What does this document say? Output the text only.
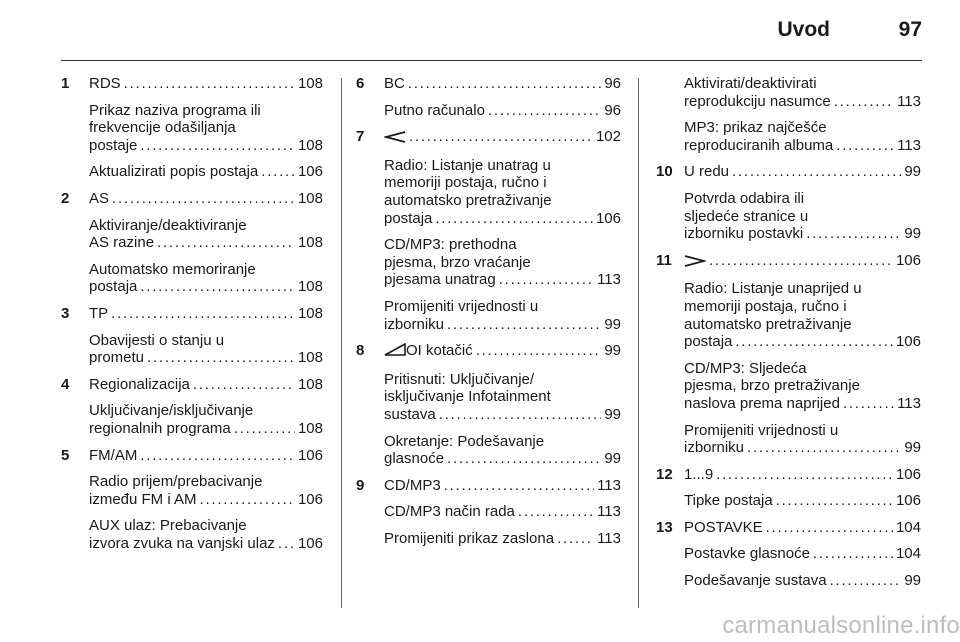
Uvod	97
1 RDS . . .	108
Prikaz naziva programa ili
frekvencije odašiljanja
postaje . . .	108
Aktualizirati popis postaja . . .	106
2 AS . . .	108
Aktiviranje/deaktiviranje
AS razine . . .	108
Automatsko memoriranje
postaja . . .	108
3 TP . . .	108
Obavijesti o stanju u
prometu . . .	108
4 Regionalizacija . . .	108
Uključivanje/isključivanje
regionalnih programa . . .	108
5 FM/AM . . .	106
Radio prijem/prebacivanje
između FM i AM . . .	106
AUX ulaz: Prebacivanje
izvora zvuka na vanjski ulaz . . . 106
6 BC . . .	96
Putno računalo . . .	96
7 . . .	102
Radio: Listanje unatrag u
memoriji postaja, ručno i
automatsko pretraživanje
postaja . . .	106
CD/MP3: prethodna
pjesma, brzo vraćanje
pjesama unatrag . . .	113
Promijeniti vrijednosti u
izborniku . . .	99
8	OI kotačić . . .	99
Pritisnuti: Uključivanje/
isključivanje Infotainment
sustava . . .	99
Okretanje: Podešavanje
glasnoće . . .	99
9 CD/MP3 . . .	113
CD/MP3 način rada . . .	113
Promijeniti prikaz zaslona . . .	113
Aktivirati/deaktivirati
reprodukciju nasumce . . .	113
MP3: prikaz najčešće
reproduciranih albuma . . .	113
10 U redu . . .	99
Potvrda odabira ili
sljedeće stranice u
izborniku postavki . . .	99
11 . . .	106
Radio: Listanje unaprijed u
memoriji postaja, ručno i
automatsko pretraživanje
postaja . . .	106
CD/MP3: Sljedeća
pjesma, brzo pretraživanje
naslova prema naprijed . . .	113
Promijeniti vrijednosti u
izborniku . . .	99
12 1...9 . . .	106
Tipke postaja . . .	106
13 POSTAVKE . . .	104
Postavke glasnoće . . .	104
Podešavanje sustava . . .	99
carmanualsonline.info
